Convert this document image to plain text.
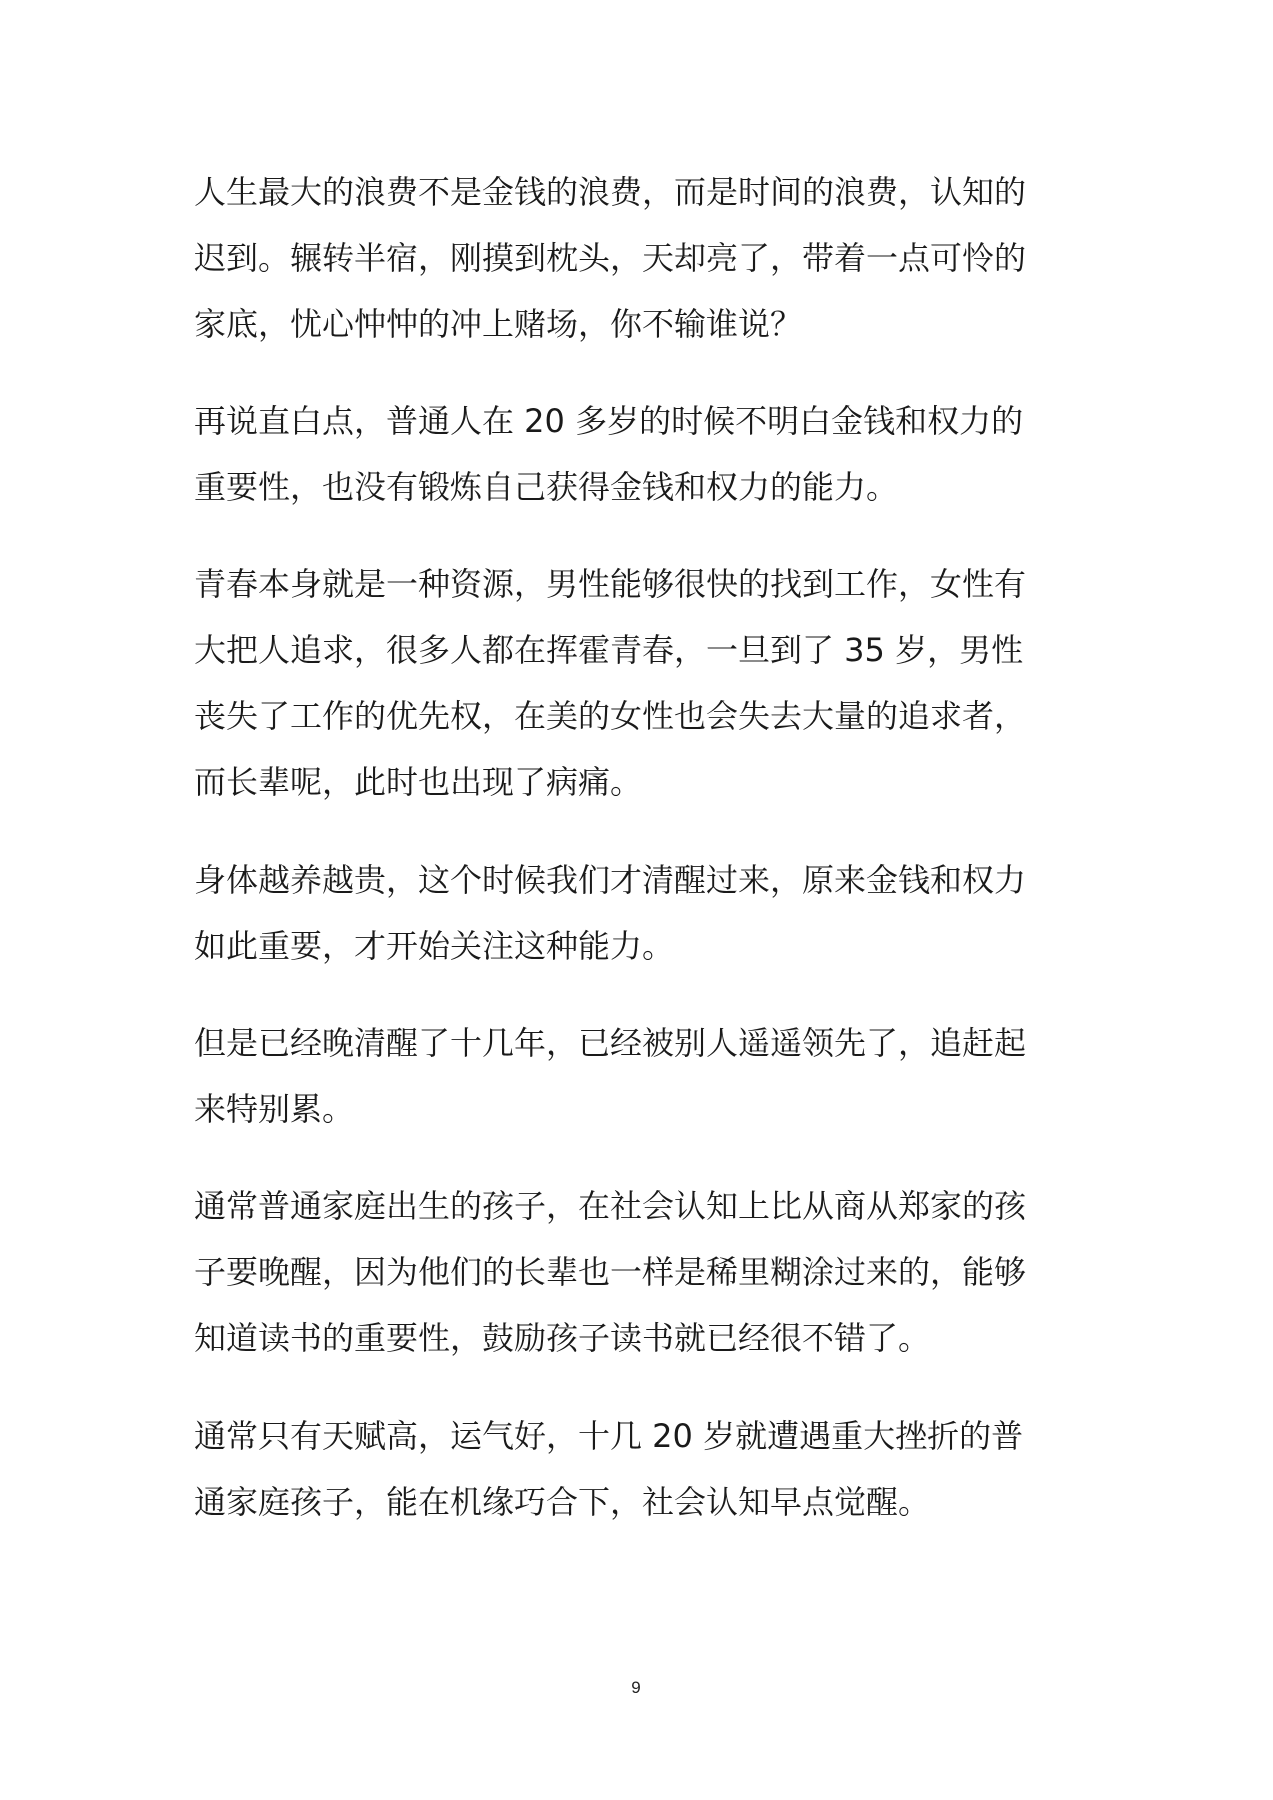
人生最大的浪费不是金钱的浪费，而是时间的浪费，认知的
迟到。辗转半宿，刚摸到枕头，天却亮了，带着一点可怜的
家底，忧心忡忡的冲上赌场，你不输谁说？
再说直白点，普通人在 20 多岁的时候不明白金钱和权力的
重要性，也没有锻炼自己获得金钱和权力的能力。
青春本身就是一种资源，男性能够很快的找到工作，女性有
大把人追求，很多人都在挥霍青春，一旦到了 35 岁，男性
丧失了工作的优先权，在美的女性也会失去大量的追求者，
而长辈呢，此时也出现了病痛。
身体越养越贵，这个时候我们才清醒过来，原来金钱和权力
如此重要，才开始关注这种能力。
但是已经晚清醒了十几年，已经被别人遥遥领先了，追赶起
来特别累。
通常普通家庭出生的孩子，在社会认知上比从商从郑家的孩
子要晚醒，因为他们的长辈也一样是稀里糊涂过来的，能够
知道读书的重要性，鼓励孩子读书就已经很不错了。
通常只有天赋高，运气好，十几 20 岁就遭遇重大挫折的普
通家庭孩子，能在机缘巧合下，社会认知早点觉醒。
9
